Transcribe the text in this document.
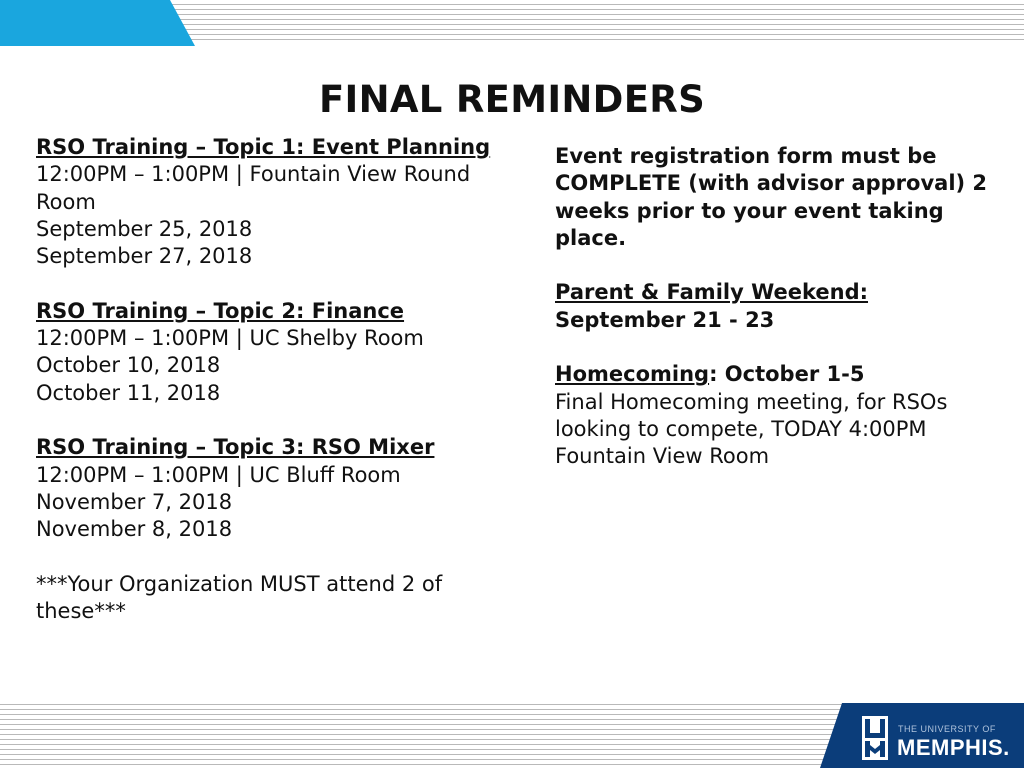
FINAL REMINDERS

RSO Training – Topic 1: Event Planning
12:00PM – 1:00PM | Fountain View Round Room
September 25, 2018
September 27, 2018

RSO Training – Topic 2: Finance
12:00PM – 1:00PM | UC Shelby Room
October 10, 2018
October 11, 2018

RSO Training – Topic 3: RSO Mixer
12:00PM – 1:00PM | UC Bluff Room
November 7, 2018
November 8, 2018

***Your Organization MUST attend 2 of these***

Event registration form must be COMPLETE (with advisor approval) 2 weeks prior to your event taking place.

Parent & Family Weekend: September 21 - 23

Homecoming: October 1-5
Final Homecoming meeting, for RSOs looking to compete, TODAY 4:00PM Fountain View Room

THE UNIVERSITY OF
MEMPHIS.
